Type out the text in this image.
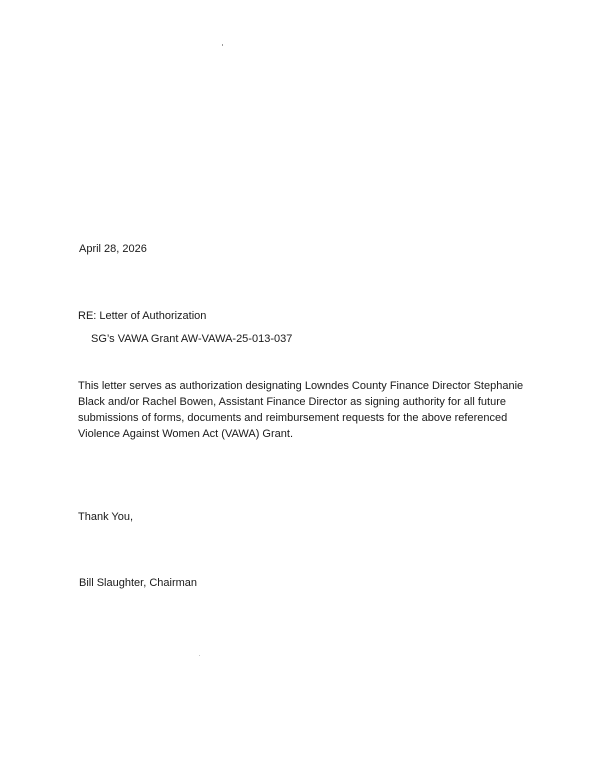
April 28, 2026
RE: Letter of Authorization
SG’s VAWA Grant AW-VAWA-25-013-037
This letter serves as authorization designating Lowndes County Finance Director Stephanie
Black and/or Rachel Bowen, Assistant Finance Director as signing authority for all future
submissions of forms, documents and reimbursement requests for the above referenced
Violence Against Women Act (VAWA) Grant.
Thank You,
Bill Slaughter, Chairman
